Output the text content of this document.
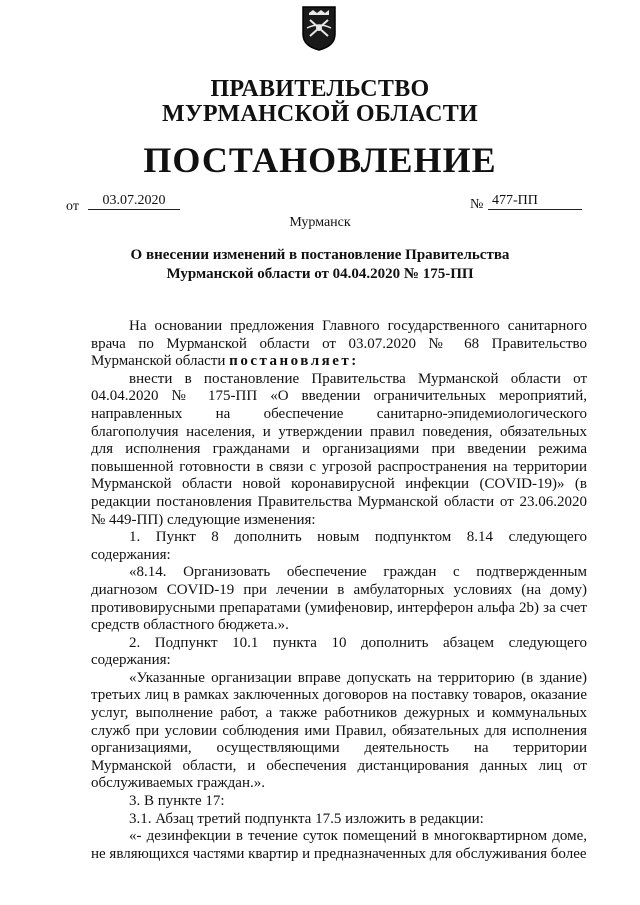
ПРАВИТЕЛЬСТВО
МУРМАНСКОЙ ОБЛАСТИ
ПОСТАНОВЛЕНИЕ
от	03.07.2020	№ 477-ПП
Мурманск
О внесении изменений в постановление Правительства
Мурманской области от 04.04.2020 № 175-ПП

На основании предложения Главного государственного санитарного врача по Мурманской области от 03.07.2020 № 68 Правительство Мурманской области постановляет:

внести в постановление Правительства Мурманской области от 04.04.2020 № 175-ПП «О введении ограничительных мероприятий, направленных на обеспечение санитарно-эпидемиологического благополучия населения, и утверждении правил поведения, обязательных для исполнения гражданами и организациями при введении режима повышенной готовности в связи с угрозой распространения на территории Мурманской области новой коронавирусной инфекции (COVID-19)» (в редакции постановления Правительства Мурманской области от 23.06.2020 № 449-ПП) следующие изменения:

1. Пункт 8 дополнить новым подпунктом 8.14 следующего содержания:

«8.14. Организовать обеспечение граждан с подтвержденным диагнозом COVID-19 при лечении в амбулаторных условиях (на дому) противовирусными препаратами (умифеновир, интерферон альфа 2b) за счет средств областного бюджета.».

2. Подпункт 10.1 пункта 10 дополнить абзацем следующего содержания:

«Указанные организации вправе допускать на территорию (в здание) третьих лиц в рамках заключенных договоров на поставку товаров, оказание услуг, выполнение работ, а также работников дежурных и коммунальных служб при условии соблюдения ими Правил, обязательных для исполнения организациями, осуществляющими деятельность на территории Мурманской области, и обеспечения дистанцирования данных лиц от обслуживаемых граждан.».

3. В пункте 17:

3.1. Абзац третий подпункта 17.5 изложить в редакции:

«- дезинфекции в течение суток помещений в многоквартирном доме, не являющихся частями квартир и предназначенных для обслуживания более
